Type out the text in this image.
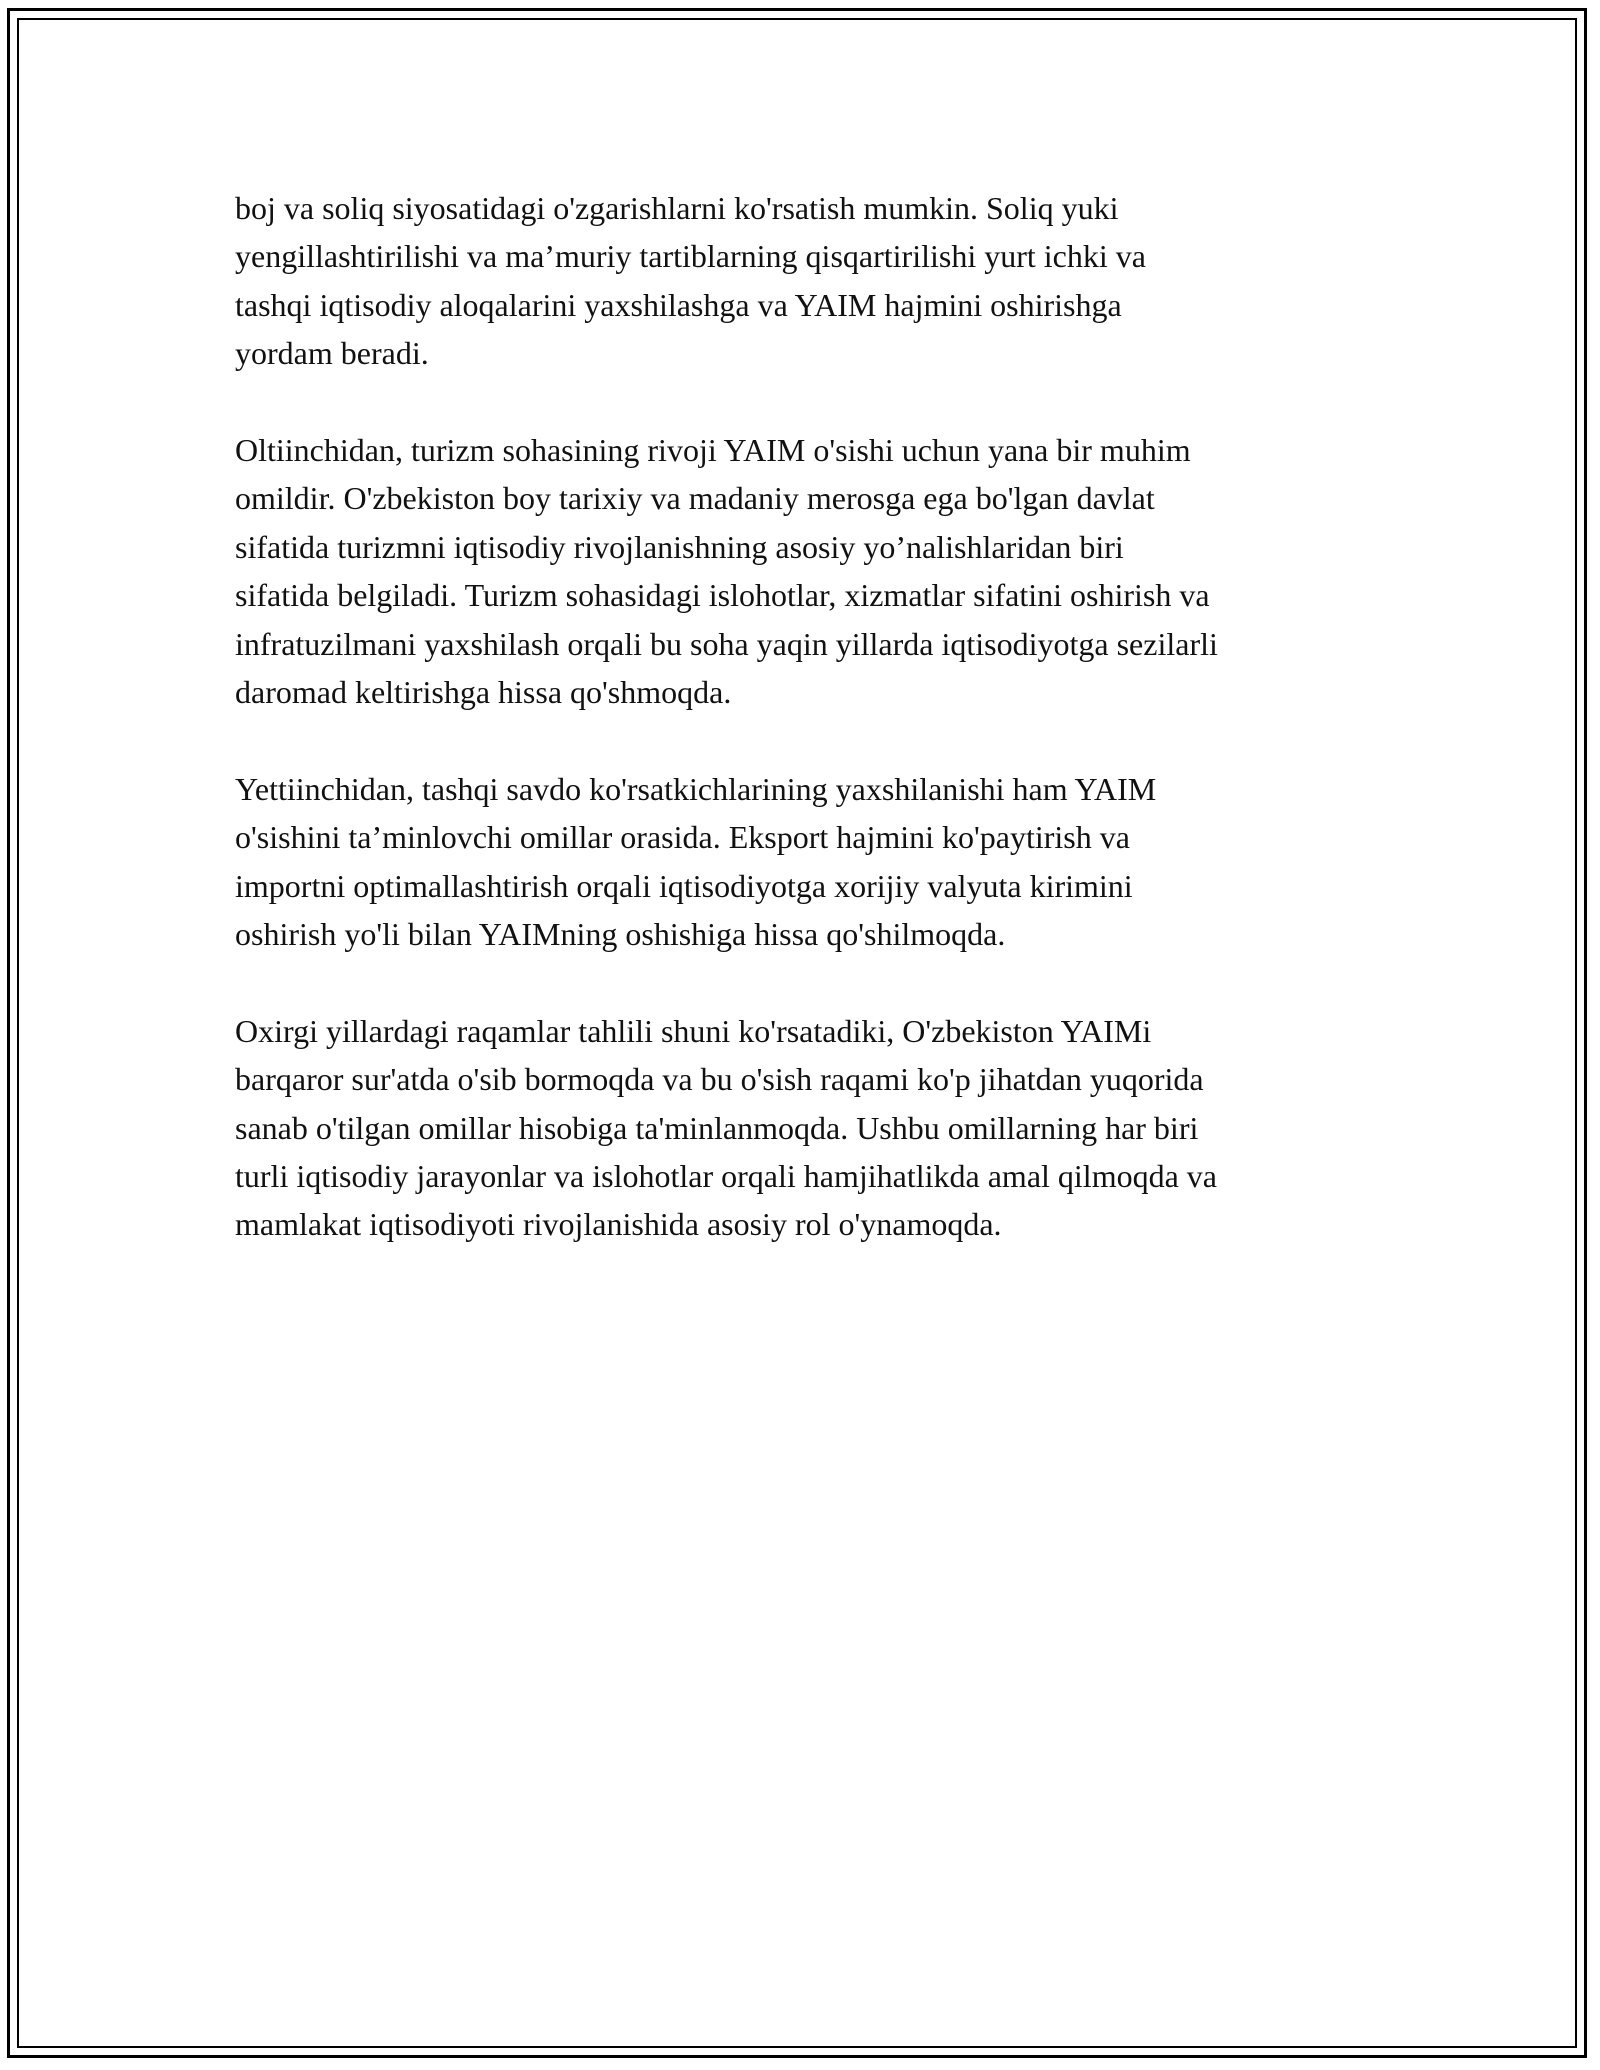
boj va soliq siyosatidagi o'zgarishlarni ko'rsatish mumkin. Soliq yuki
yengillashtirilishi va ma’muriy tartiblarning qisqartirilishi yurt ichki va
tashqi iqtisodiy aloqalarini yaxshilashga va YAIM hajmini oshirishga
yordam beradi.

Oltiinchidan, turizm sohasining rivoji YAIM o'sishi uchun yana bir muhim
omildir. O'zbekiston boy tarixiy va madaniy merosga ega bo'lgan davlat
sifatida turizmni iqtisodiy rivojlanishning asosiy yo’nalishlaridan biri
sifatida belgiladi. Turizm sohasidagi islohotlar, xizmatlar sifatini oshirish va
infratuzilmani yaxshilash orqali bu soha yaqin yillarda iqtisodiyotga sezilarli
daromad keltirishga hissa qo'shmoqda.

Yettiinchidan, tashqi savdo ko'rsatkichlarining yaxshilanishi ham YAIM
o'sishini ta’minlovchi omillar orasida. Eksport hajmini ko'paytirish va
importni optimallashtirish orqali iqtisodiyotga xorijiy valyuta kirimini
oshirish yo'li bilan YAIMning oshishiga hissa qo'shilmoqda.

Oxirgi yillardagi raqamlar tahlili shuni ko'rsatadiki, O'zbekiston YAIMi
barqaror sur'atda o'sib bormoqda va bu o'sish raqami ko'p jihatdan yuqorida
sanab o'tilgan omillar hisobiga ta'minlanmoqda. Ushbu omillarning har biri
turli iqtisodiy jarayonlar va islohotlar orqali hamjihatlikda amal qilmoqda va
mamlakat iqtisodiyoti rivojlanishida asosiy rol o'ynamoqda.
